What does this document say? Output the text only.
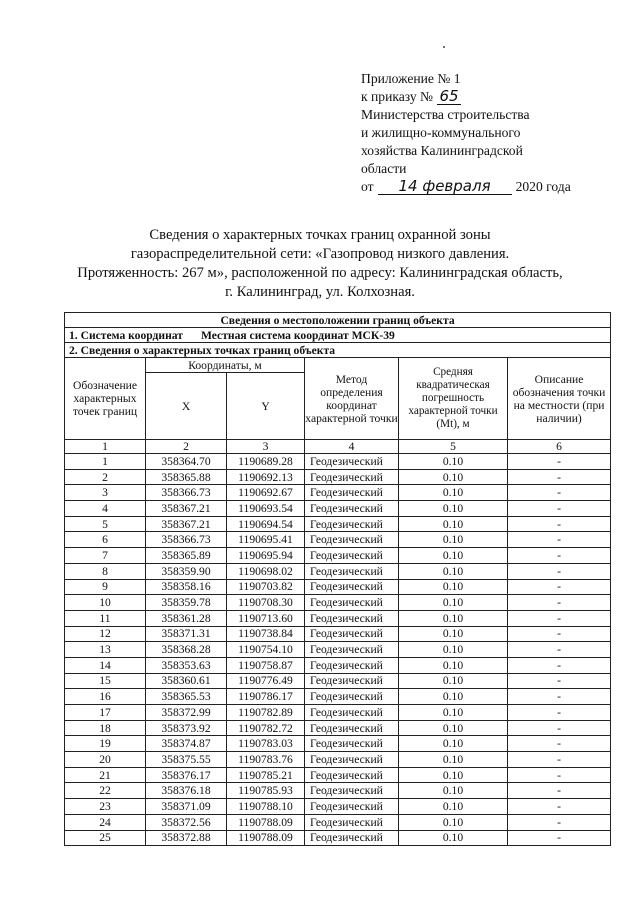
Приложение № 1
к приказу № 65
Министерства строительства
и жилищно-коммунального
хозяйства Калининградской
области
от 14 февраля 2020 года
Сведения о характерных точках границ охранной зоны
газораспределительной сети: «Газопровод низкого давления.
Протяженность: 267 м», расположенной по адресу: Калининградская область,
г. Калининград, ул. Колхозная.
Сведения о местоположении границ объекта					
1. Система координат Местная система координат МСК-39					
2. Сведения о характерных точках границ объекта					
Обозначение характерных точек границ	Координаты, м		Метод определения координат характерной точки	Средняя квадратическая погрешность характерной точки (Mt), м	Описание обозначения точки на местности (при наличии)
	X	Y			
1	2	3	4	5	6
1	358364.70	1190689.28	Геодезический	0.10	-
2	358365.88	1190692.13	Геодезический	0.10	-
3	358366.73	1190692.67	Геодезический	0.10	-
4	358367.21	1190693.54	Геодезический	0.10	-
5	358367.21	1190694.54	Геодезический	0.10	-
6	358366.73	1190695.41	Геодезический	0.10	-
7	358365.89	1190695.94	Геодезический	0.10	-
8	358359.90	1190698.02	Геодезический	0.10	-
9	358358.16	1190703.82	Геодезический	0.10	-
10	358359.78	1190708.30	Геодезический	0.10	-
11	358361.28	1190713.60	Геодезический	0.10	-
12	358371.31	1190738.84	Геодезический	0.10	-
13	358368.28	1190754.10	Геодезический	0.10	-
14	358353.63	1190758.87	Геодезический	0.10	-
15	358360.61	1190776.49	Геодезический	0.10	-
16	358365.53	1190786.17	Геодезический	0.10	-
17	358372.99	1190782.89	Геодезический	0.10	-
18	358373.92	1190782.72	Геодезический	0.10	-
19	358374.87	1190783.03	Геодезический	0.10	-
20	358375.55	1190783.76	Геодезический	0.10	-
21	358376.17	1190785.21	Геодезический	0.10	-
22	358376.18	1190785.93	Геодезический	0.10	-
23	358371.09	1190788.10	Геодезический	0.10	-
24	358372.56	1190788.09	Геодезический	0.10	-
25	358372.88	1190788.09	Геодезический	0.10	-
